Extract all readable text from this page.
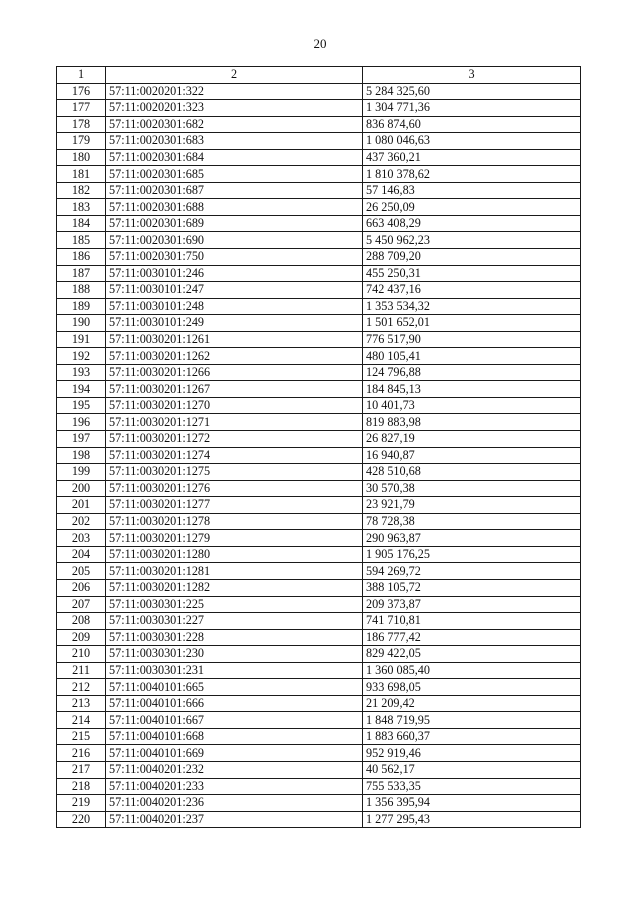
20
1	2	3
176	57:11:0020201:322	5 284 325,60
177	57:11:0020201:323	1 304 771,36
178	57:11:0020301:682	836 874,60
179	57:11:0020301:683	1 080 046,63
180	57:11:0020301:684	437 360,21
181	57:11:0020301:685	1 810 378,62
182	57:11:0020301:687	57 146,83
183	57:11:0020301:688	26 250,09
184	57:11:0020301:689	663 408,29
185	57:11:0020301:690	5 450 962,23
186	57:11:0020301:750	288 709,20
187	57:11:0030101:246	455 250,31
188	57:11:0030101:247	742 437,16
189	57:11:0030101:248	1 353 534,32
190	57:11:0030101:249	1 501 652,01
191	57:11:0030201:1261	776 517,90
192	57:11:0030201:1262	480 105,41
193	57:11:0030201:1266	124 796,88
194	57:11:0030201:1267	184 845,13
195	57:11:0030201:1270	10 401,73
196	57:11:0030201:1271	819 883,98
197	57:11:0030201:1272	26 827,19
198	57:11:0030201:1274	16 940,87
199	57:11:0030201:1275	428 510,68
200	57:11:0030201:1276	30 570,38
201	57:11:0030201:1277	23 921,79
202	57:11:0030201:1278	78 728,38
203	57:11:0030201:1279	290 963,87
204	57:11:0030201:1280	1 905 176,25
205	57:11:0030201:1281	594 269,72
206	57:11:0030201:1282	388 105,72
207	57:11:0030301:225	209 373,87
208	57:11:0030301:227	741 710,81
209	57:11:0030301:228	186 777,42
210	57:11:0030301:230	829 422,05
211	57:11:0030301:231	1 360 085,40
212	57:11:0040101:665	933 698,05
213	57:11:0040101:666	21 209,42
214	57:11:0040101:667	1 848 719,95
215	57:11:0040101:668	1 883 660,37
216	57:11:0040101:669	952 919,46
217	57:11:0040201:232	40 562,17
218	57:11:0040201:233	755 533,35
219	57:11:0040201:236	1 356 395,94
220	57:11:0040201:237	1 277 295,43
